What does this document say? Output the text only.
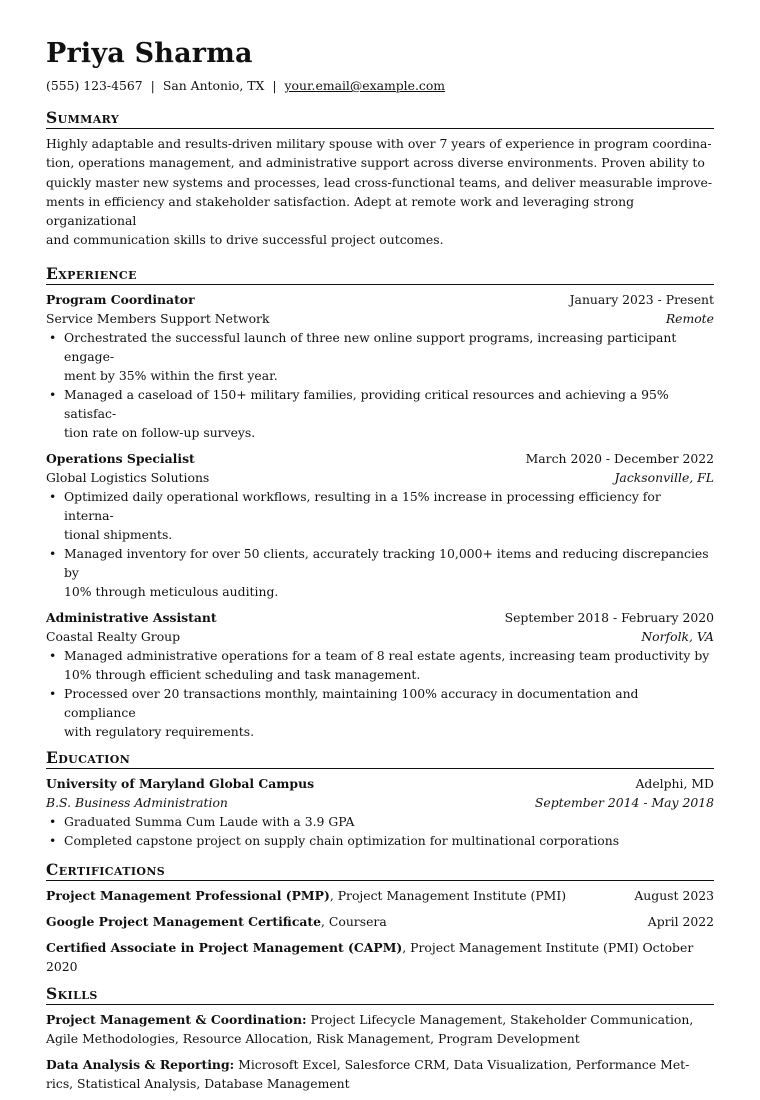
Priya Sharma
(555) 123-4567 | San Antonio, TX | your.email@example.com
Summary

Highly adaptable and results-driven military spouse with over 7 years of experience in program coordina-
tion, operations management, and administrative support across diverse environments. Proven ability to
quickly master new systems and processes, lead cross-functional teams, and deliver measurable improve-
ments in efficiency and stakeholder satisfaction. Adept at remote work and leveraging strong organizational
and communication skills to drive successful project outcomes.

Experience
Program Coordinator	January 2023 - Present
Service Members Support Network	Remote
• Orchestrated the successful launch of three new online support programs, increasing participant engage-
ment by 35% within the first year.
• Managed a caseload of 150+ military families, providing critical resources and achieving a 95% satisfac-
tion rate on follow-up surveys.
Operations Specialist	March 2020 - December 2022
Global Logistics Solutions	Jacksonville, FL
• Optimized daily operational workflows, resulting in a 15% increase in processing efficiency for interna-
tional shipments.
• Managed inventory for over 50 clients, accurately tracking 10,000+ items and reducing discrepancies by
10% through meticulous auditing.
Administrative Assistant	September 2018 - February 2020
Coastal Realty Group	Norfolk, VA
• Managed administrative operations for a team of 8 real estate agents, increasing team productivity by
10% through efficient scheduling and task management.
• Processed over 20 transactions monthly, maintaining 100% accuracy in documentation and compliance
with regulatory requirements.
Education
University of Maryland Global Campus	Adelphi, MD
B.S. Business Administration	September 2014 - May 2018
• Graduated Summa Cum Laude with a 3.9 GPA
• Completed capstone project on supply chain optimization for multinational corporations
Certifications
Project Management Professional (PMP), Project Management Institute (PMI)	August 2023
Google Project Management Certificate, Coursera	April 2022
Certified Associate in Project Management (CAPM), Project Management Institute (PMI) October
2020
Skills
Project Management & Coordination: Project Lifecycle Management, Stakeholder Communication,
Agile Methodologies, Resource Allocation, Risk Management, Program Development
Data Analysis & Reporting: Microsoft Excel, Salesforce CRM, Data Visualization, Performance Met-
rics, Statistical Analysis, Database Management
